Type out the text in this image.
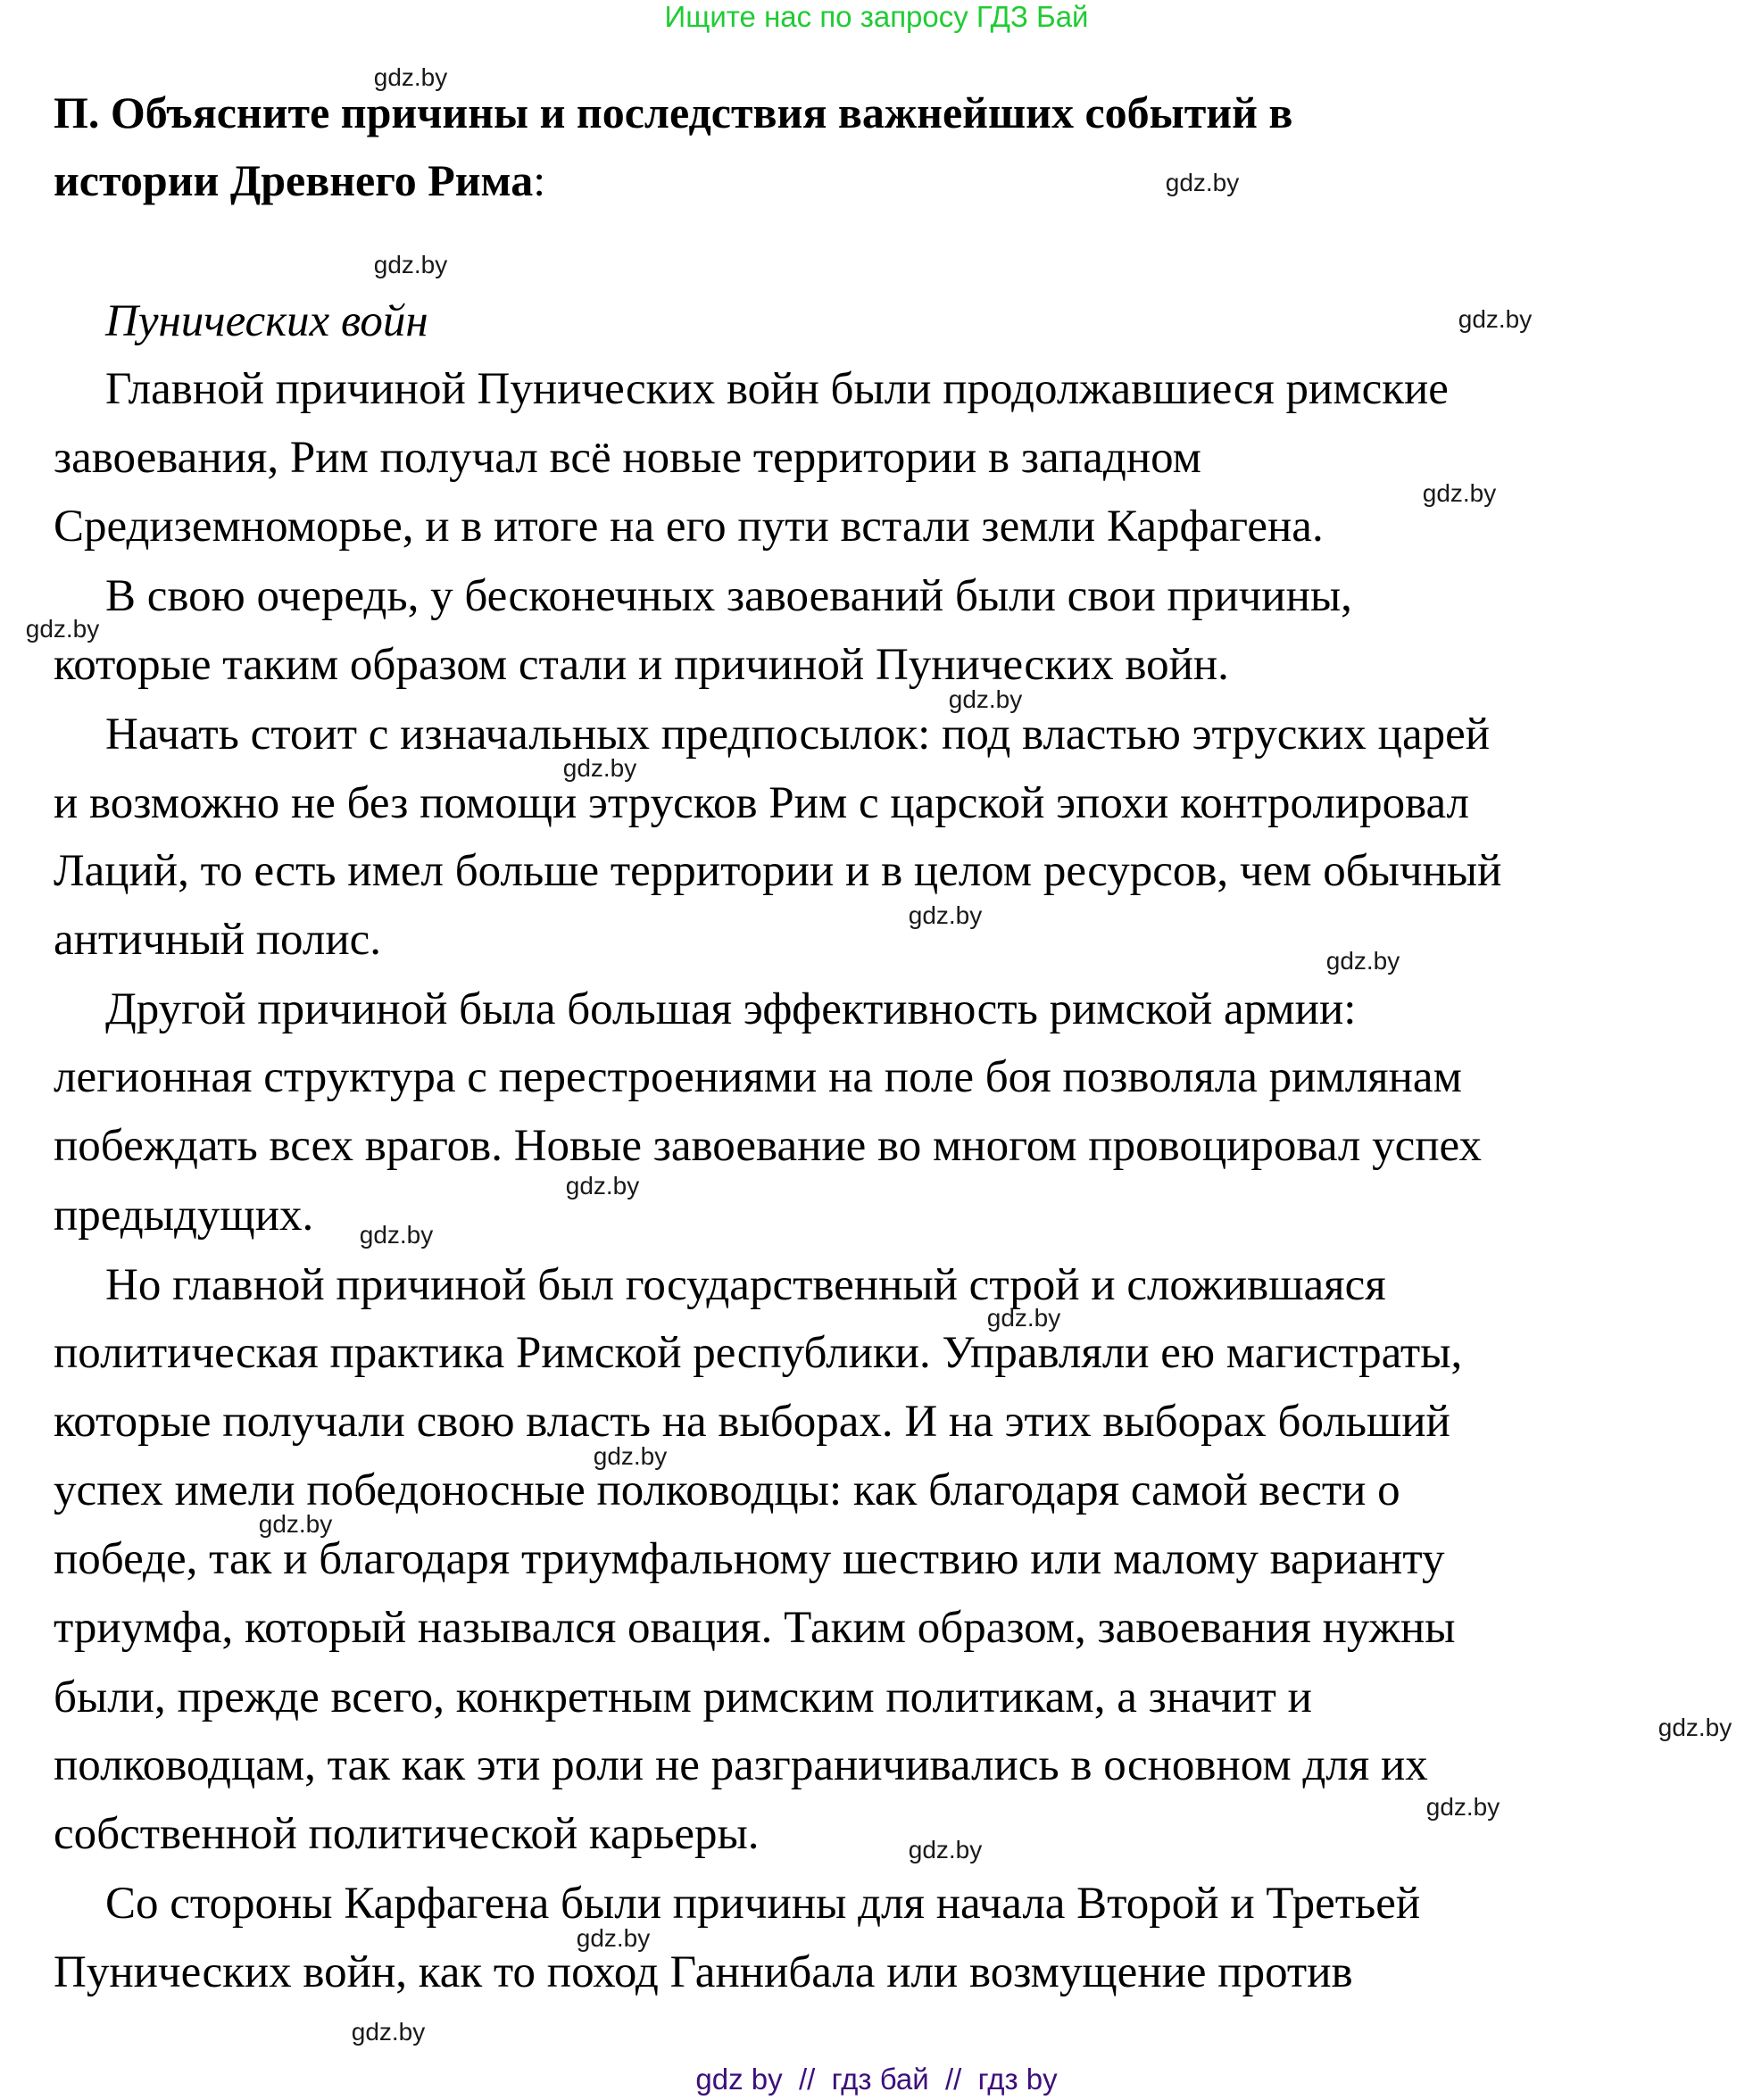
Ищите нас по запросу ГДЗ Бай
П. Объясните причины и последствия важнейших событий в
истории Древнего Рима:
Пунических войн
Главной причиной Пунических войн были продолжавшиеся римские
завоевания, Рим получал всё новые территории в западном
Средиземноморье, и в итоге на его пути встали земли Карфагена.
В свою очередь, у бесконечных завоеваний были свои причины,
которые таким образом стали и причиной Пунических войн.
Начать стоит с изначальных предпосылок: под властью этруских царей
и возможно не без помощи этрусков Рим с царской эпохи контролировал
Лаций, то есть имел больше территории и в целом ресурсов, чем обычный
античный полис.
Другой причиной была большая эффективность римской армии:
легионная структура с перестроениями на поле боя позволяла римлянам
побеждать всех врагов. Новые завоевание во многом провоцировал успех
предыдущих.
Но главной причиной был государственный строй и сложившаяся
политическая практика Римской республики. Управляли ею магистраты,
которые получали свою власть на выборах. И на этих выборах больший
успех имели победоносные полководцы: как благодаря самой вести о
победе, так и благодаря триумфальному шествию или малому варианту
триумфа, который назывался овация. Таким образом, завоевания нужны
были, прежде всего, конкретным римским политикам, а значит и
полководцам, так как эти роли не разграничивались в основном для их
собственной политической карьеры.
Со стороны Карфагена были причины для начала Второй и Третьей
Пунических войн, как то поход Ганнибала или возмущение против
gdz.by
gdz.by
gdz.by
gdz.by
gdz.by
gdz.by
gdz.by
gdz.by
gdz.by
gdz.by
gdz.by
gdz.by
gdz.by
gdz.by
gdz.by
gdz.by
gdz.by
gdz.by
gdz.by
gdz.by
gdz by  //  гдз бай  //  гдз by
